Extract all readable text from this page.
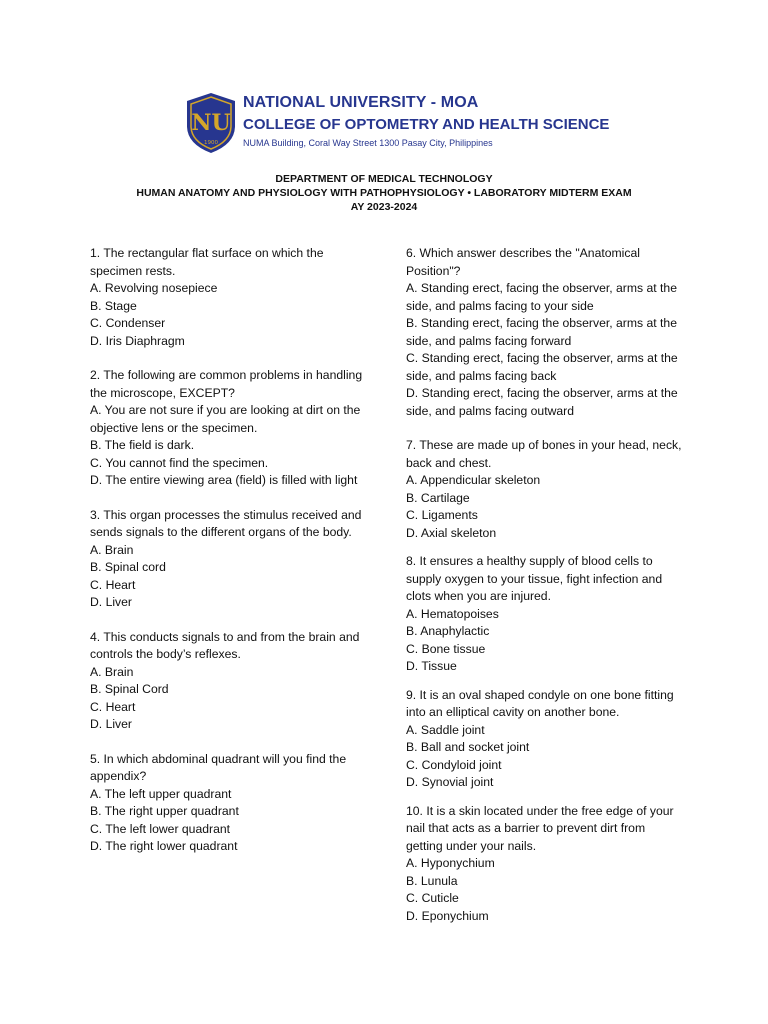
NU
1900
NATIONAL UNIVERSITY - MOA
COLLEGE OF OPTOMETRY AND HEALTH SCIENCE
NUMA Building, Coral Way Street 1300 Pasay City, Philippines
DEPARTMENT OF MEDICAL TECHNOLOGY
HUMAN ANATOMY AND PHYSIOLOGY WITH PATHOPHYSIOLOGY • LABORATORY MIDTERM EXAM
AY 2023-2024

1. The rectangular flat surface on which the specimen rests.

A. Revolving nosepiece

B. Stage

C. Condenser

D. Iris Diaphragm

2. The following are common problems in handling the microscope, EXCEPT?

A. You are not sure if you are looking at dirt on the objective lens or the specimen.

B. The field is dark.

C. You cannot find the specimen.

D. The entire viewing area (field) is filled with light

3. This organ processes the stimulus received and sends signals to the different organs of the body.

A. Brain

B. Spinal cord

C. Heart

D. Liver

4. This conducts signals to and from the brain and controls the body’s reflexes.

A. Brain

B. Spinal Cord

C. Heart

D. Liver

5. In which abdominal quadrant will you find the appendix?

A. The left upper quadrant

B. The right upper quadrant

C. The left lower quadrant

D. The right lower quadrant

6. Which answer describes the "Anatomical Position"?

A. Standing erect, facing the observer, arms at the side, and palms facing to your side

B. Standing erect, facing the observer, arms at the side, and palms facing forward

C. Standing erect, facing the observer, arms at the side, and palms facing back

D. Standing erect, facing the observer, arms at the side, and palms facing outward

7. These are made up of bones in your head, neck, back and chest.

A. Appendicular skeleton

B. Cartilage

C. Ligaments

D. Axial skeleton

8. It ensures a healthy supply of blood cells to supply oxygen to your tissue, fight infection and clots when you are injured.

A. Hematopoises

B. Anaphylactic

C. Bone tissue

D. Tissue

9. It is an oval shaped condyle on one bone fitting into an elliptical cavity on another bone.

A. Saddle joint

B. Ball and socket joint

C. Condyloid joint

D. Synovial joint

10. It is a skin located under the free edge of your nail that acts as a barrier to prevent dirt from getting under your nails.

A. Hyponychium

B. Lunula

C. Cuticle

D. Eponychium
